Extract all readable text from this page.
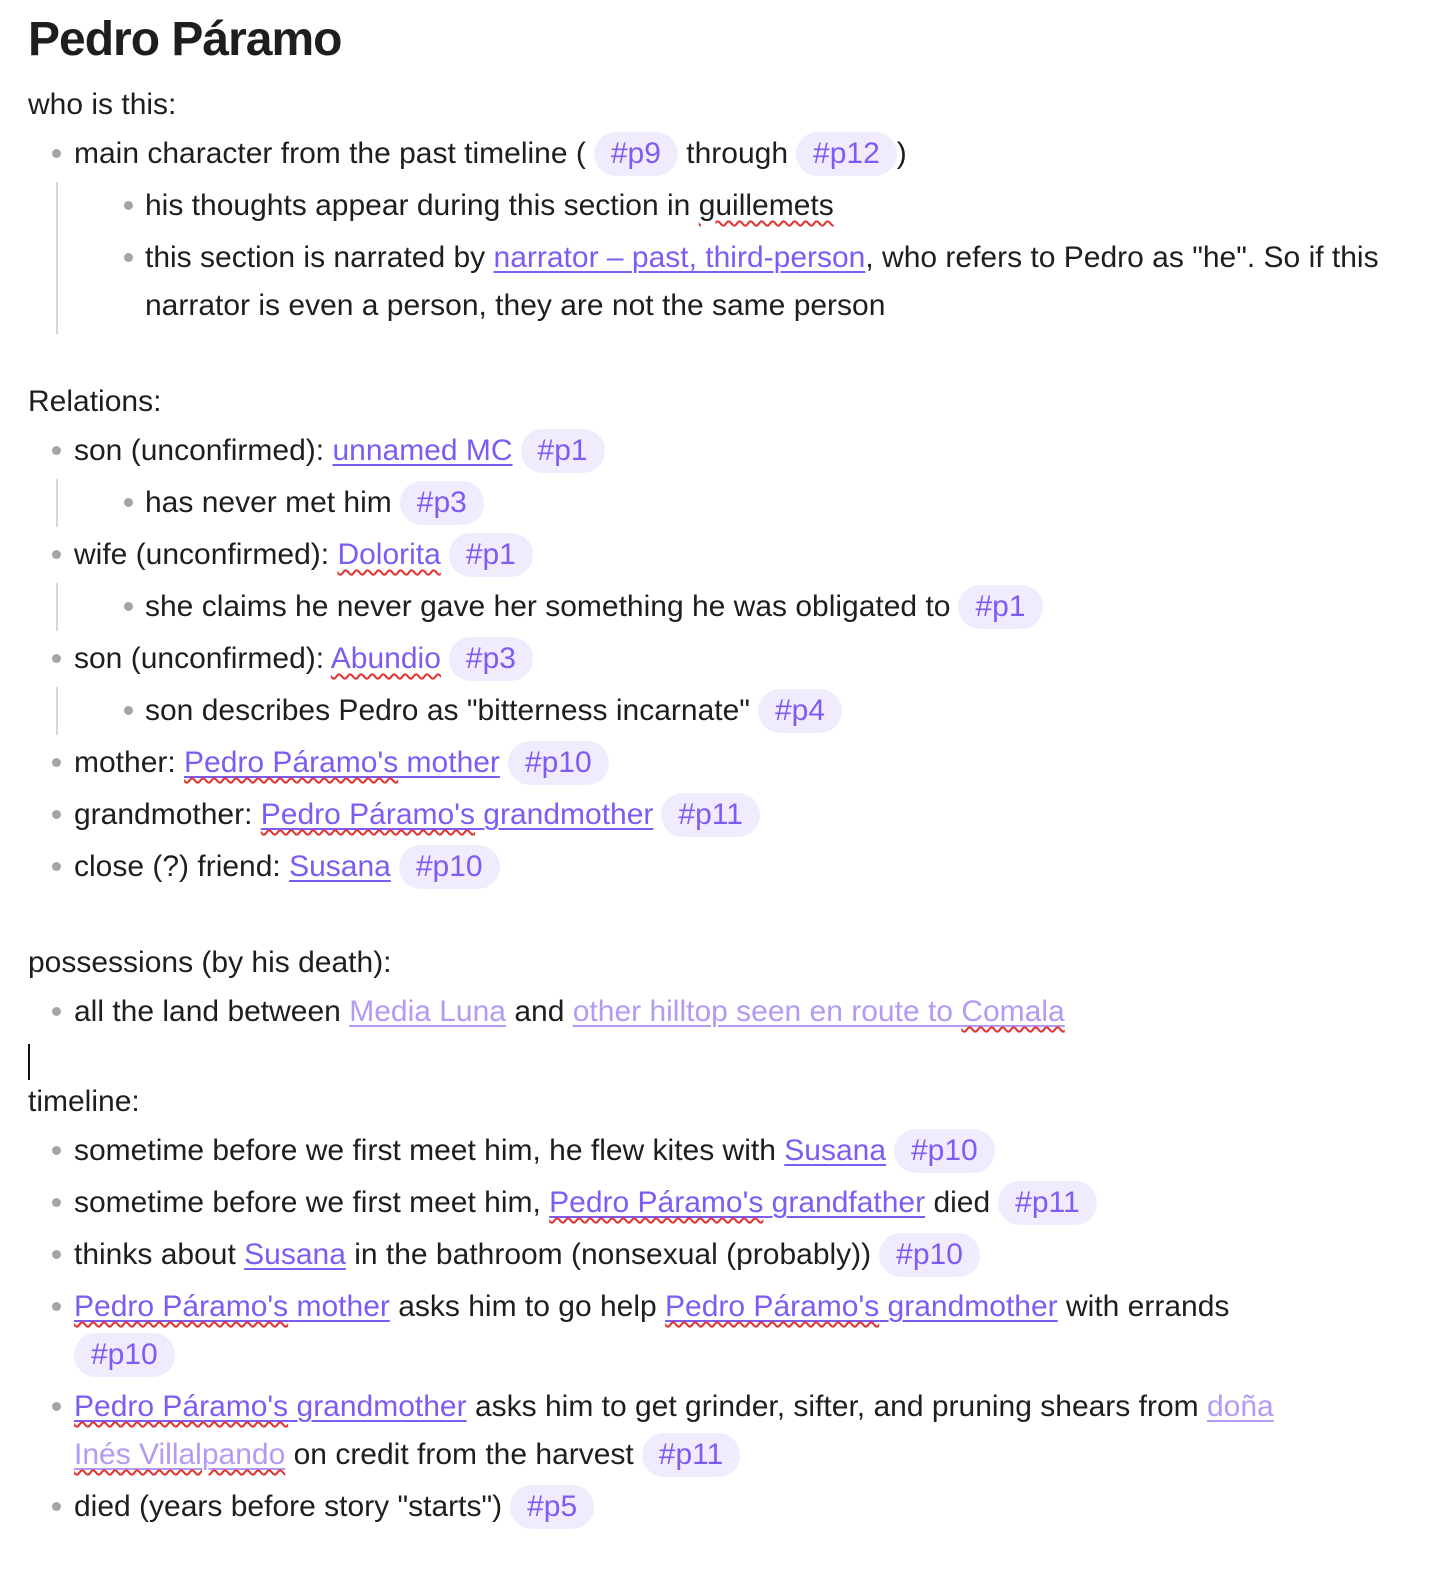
Pedro Páramo
who is this:
main character from the past timeline ( #p9 through #p12 )
his thoughts appear during this section in guillemets
this section is narrated by narrator – past, third-person, who refers to Pedro as "he". So if this narrator is even a person, they are not the same person
Relations:
son (unconfirmed): unnamed MC #p1
has never met him #p3
wife (unconfirmed): Dolorita #p1
she claims he never gave her something he was obligated to #p1
son (unconfirmed): Abundio #p3
son describes Pedro as "bitterness incarnate" #p4
mother: Pedro Páramo's mother #p10
grandmother: Pedro Páramo's grandmother #p11
close (?) friend: Susana #p10
possessions (by his death):
all the land between Media Luna and other hilltop seen en route to Comala
timeline:
sometime before we first meet him, he flew kites with Susana #p10
sometime before we first meet him, Pedro Páramo's grandfather died #p11
thinks about Susana in the bathroom (nonsexual (probably)) #p10
Pedro Páramo's mother asks him to go help Pedro Páramo's grandmother with errands
#p10
Pedro Páramo's grandmother asks him to get grinder, sifter, and pruning shears from doña
Inés Villalpando on credit from the harvest #p11
died (years before story "starts") #p5
